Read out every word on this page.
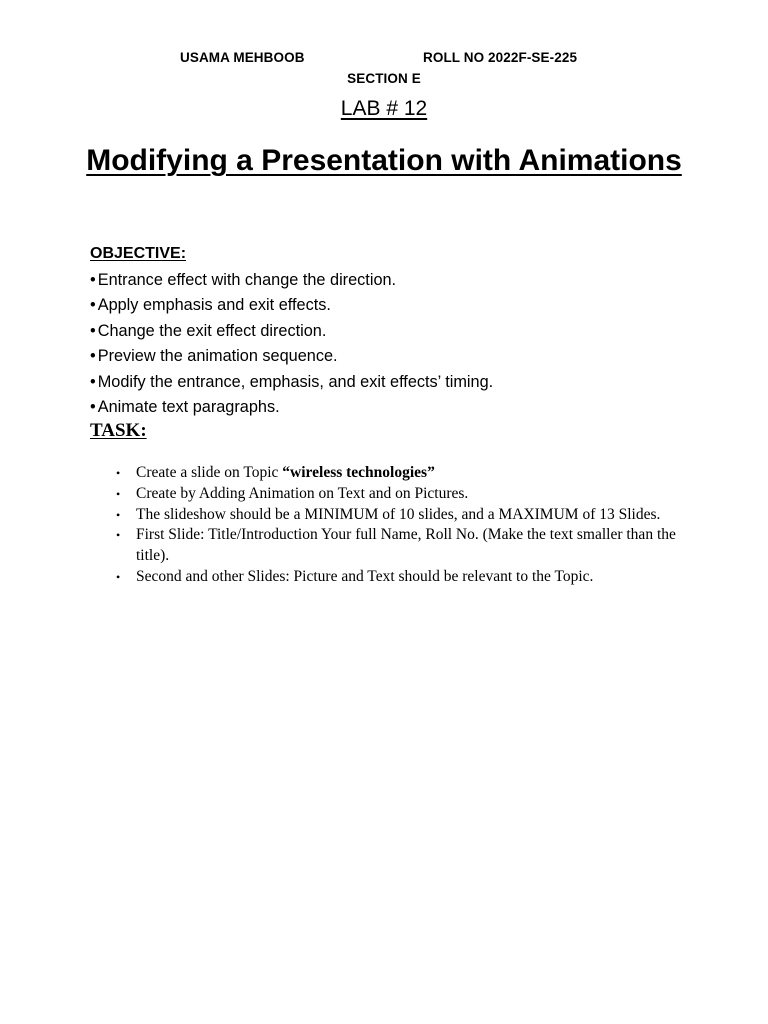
USAMA MEHBOOB	ROLL NO 2022F-SE-225
SECTION E
LAB # 12
Modifying a Presentation with Animations
OBJECTIVE:
• Entrance effect with change the direction.
• Apply emphasis and exit effects.
• Change the exit effect direction.
• Preview the animation sequence.
• Modify the entrance, emphasis, and exit effects’ timing.
• Animate text paragraphs.
TASK:
• Create a slide on Topic “wireless technologies”
• Create by Adding Animation on Text and on Pictures.
• The slideshow should be a MINIMUM of 10 slides, and a MAXIMUM of 13 Slides.
• First Slide: Title/Introduction Your full Name, Roll No. (Make the text smaller than the title).
• Second and other Slides: Picture and Text should be relevant to the Topic.
